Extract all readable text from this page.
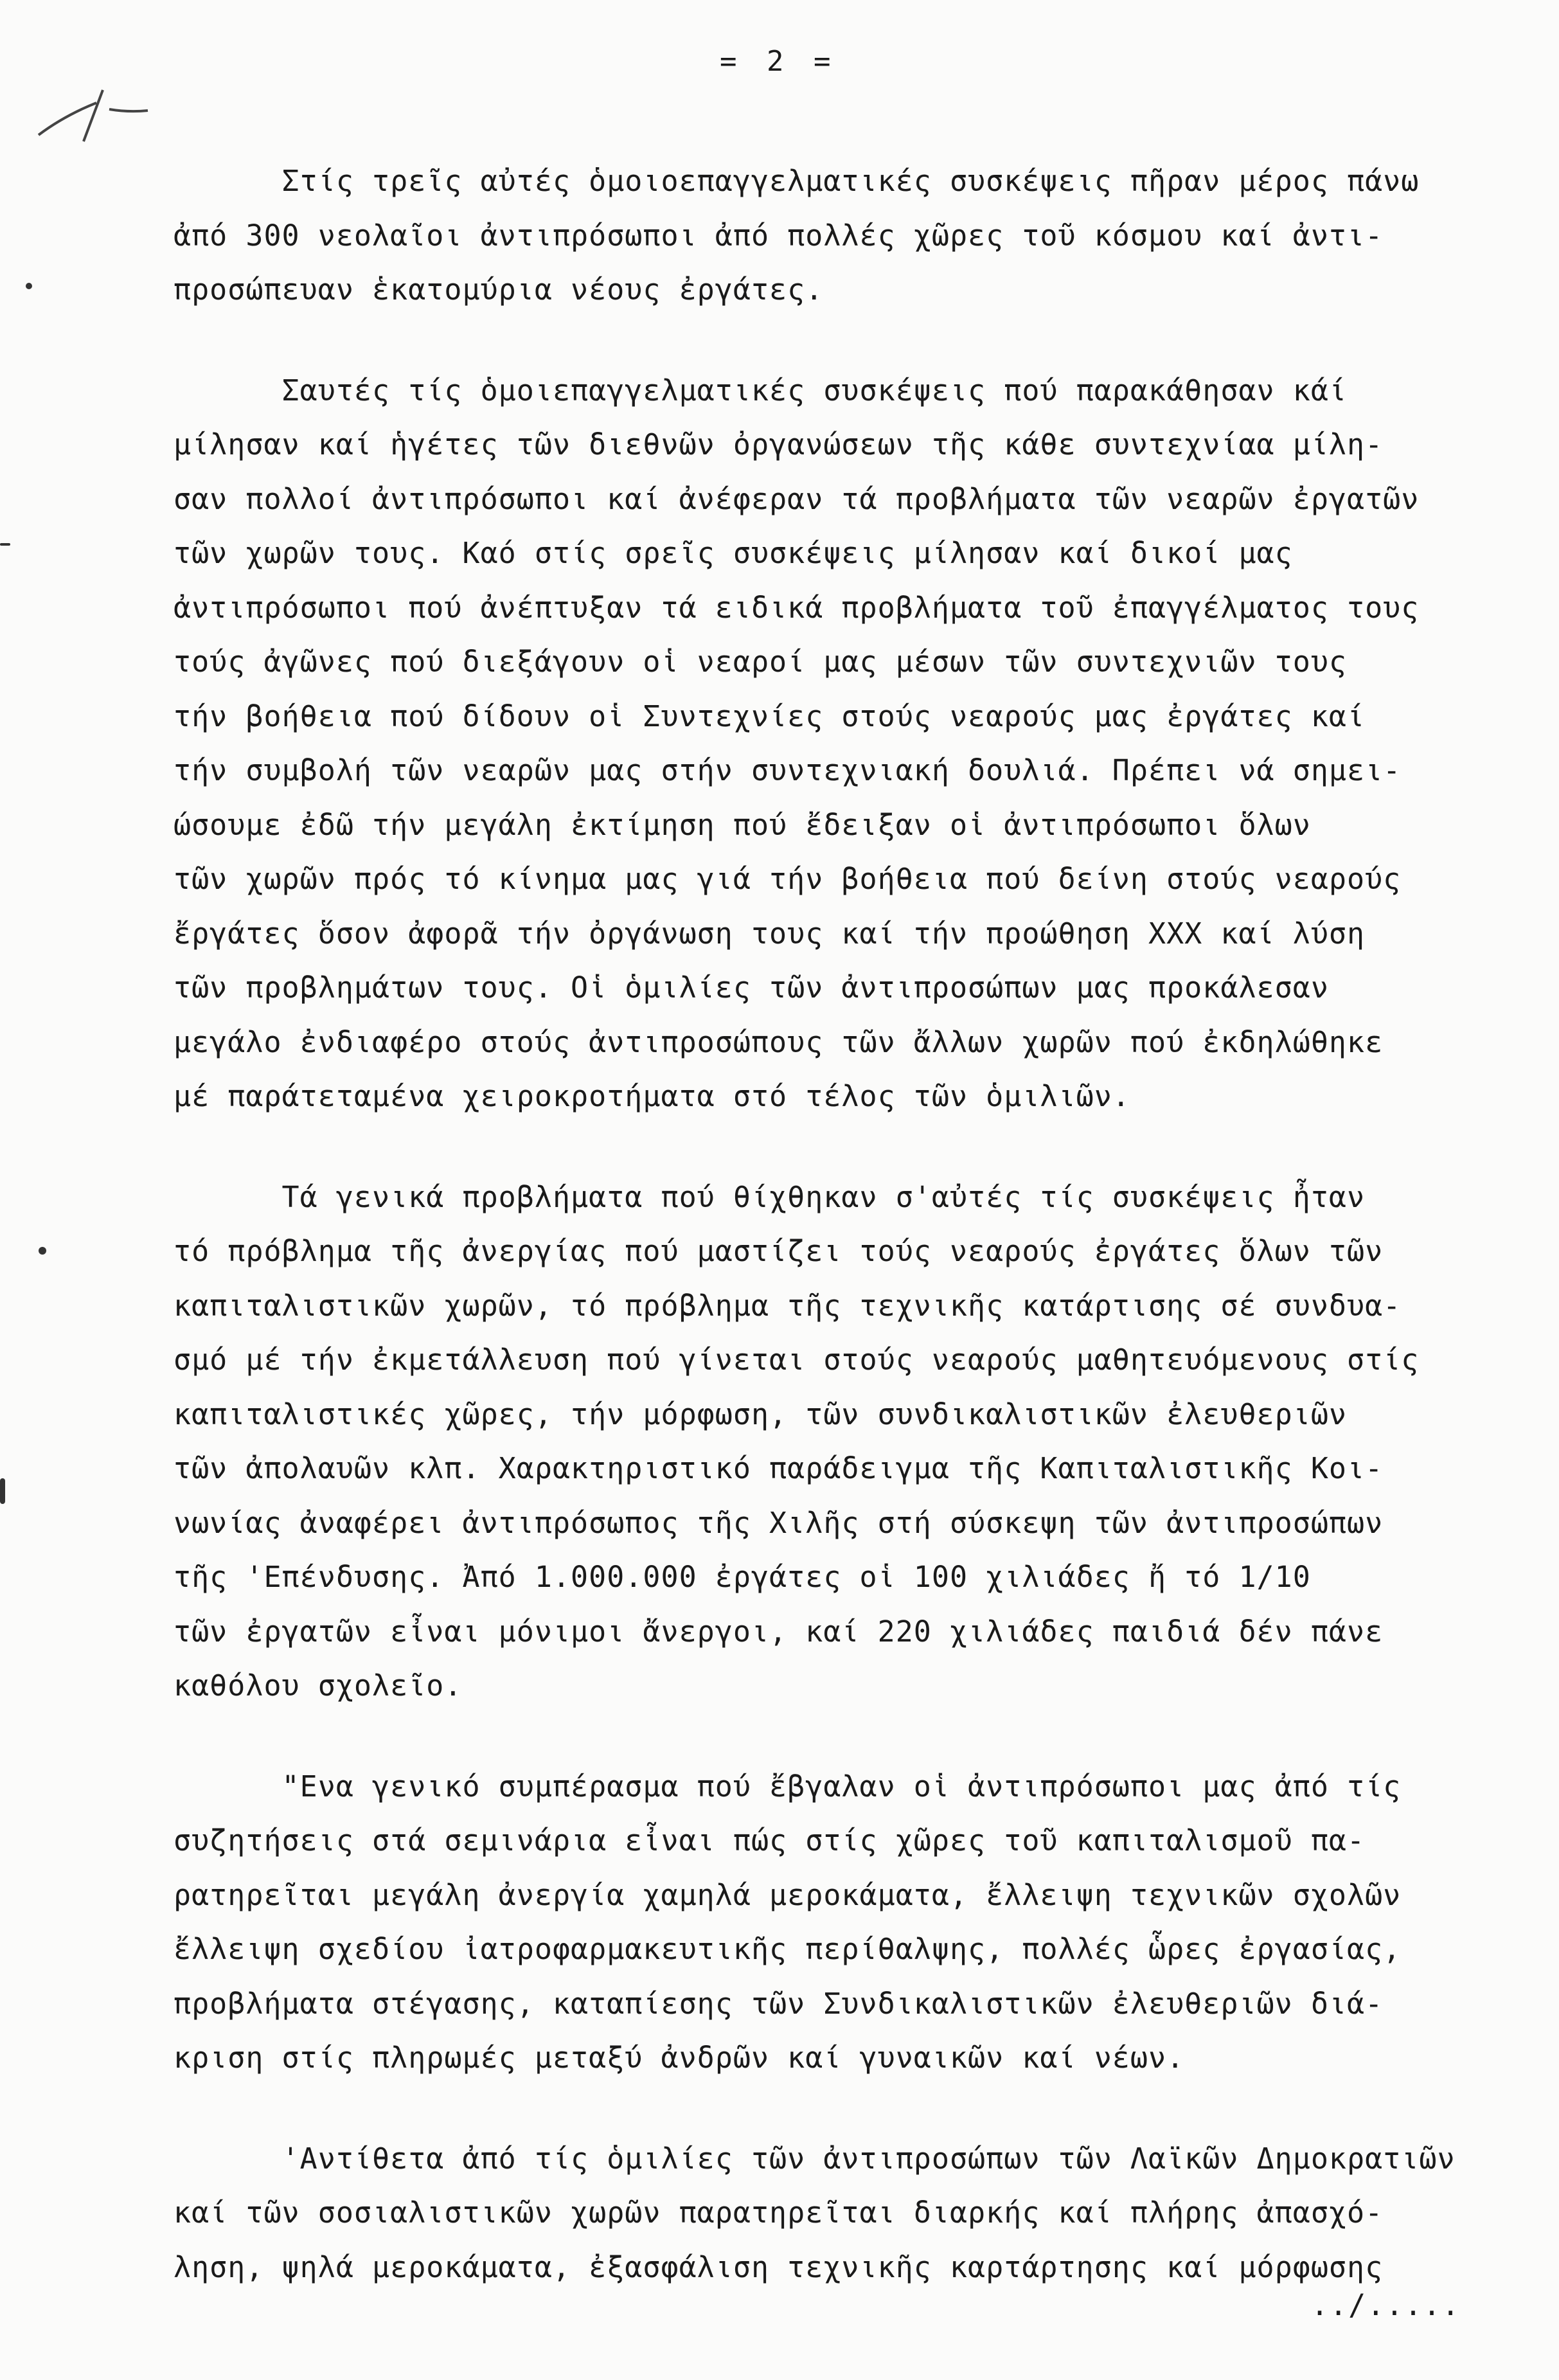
= 2 =
Στίς τρεῖς αὐτές ὁμοιοεπαγγελματικές συσκέψεις πῆραν μέρος πάνω
ἀπό 300 νεολαῖοι ἀντιπρόσωποι ἀπό πολλές χῶρες τοῦ κόσμου καί ἀντι-
προσώπευαν ἑκατομύρια νέους ἐργάτες.
Σαυτές τίς ὁμοιεπαγγελματικές συσκέψεις πού παρακάθησαν κάί
μίλησαν καί ἡγέτες τῶν διεθνῶν ὀργανώσεων τῆς κάθε συντεχνίαα μίλη-
σαν πολλοί ἀντιπρόσωποι καί ἀνέφεραν τά προβλήματα τῶν νεαρῶν ἐργατῶν
τῶν χωρῶν τους. Καό στίς σρεῖς συσκέψεις μίλησαν καί δικοί μας
ἀντιπρόσωποι πού ἀνέπτυξαν τά ειδικά προβλήματα τοῦ ἐπαγγέλματος τους
τούς ἀγῶνες πού διεξάγουν οἱ νεαροί μας μέσων τῶν συντεχνιῶν τους
τήν βοήθεια πού δίδουν οἱ Συντεχνίες στούς νεαρούς μας ἐργάτες καί
τήν συμβολή τῶν νεαρῶν μας στήν συντεχνιακή δουλιά. Πρέπει νά σημει-
ώσουμε ἐδῶ τήν μεγάλη ἐκτίμηση πού ἔδειξαν οἱ ἀντιπρόσωποι ὅλων
τῶν χωρῶν πρός τό κίνημα μας γιά τήν βοήθεια πού δείνη στούς νεαρούς
ἔργάτες ὅσον ἀφορᾶ τήν ὀργάνωση τους καί τήν προώθηση ΧΧΧ καί λύση
τῶν προβλημάτων τους. Οἱ ὁμιλίες τῶν ἀντιπροσώπων μας προκάλεσαν
μεγάλο ἐνδιαφέρο στούς ἀντιπροσώπους τῶν ἄλλων χωρῶν πού ἐκδηλώθηκε
μέ παράτεταμένα χειροκροτήματα στό τέλος τῶν ὁμιλιῶν.
Τά γενικά προβλήματα πού θίχθηκαν σ'αὐτές τίς συσκέψεις ἦταν
τό πρόβλημα τῆς ἀνεργίας πού μαστίζει τούς νεαρούς ἐργάτες ὅλων τῶν
καπιταλιστικῶν χωρῶν, τό πρόβλημα τῆς τεχνικῆς κατάρτισης σέ συνδυα-
σμό μέ τήν ἐκμετάλλευση πού γίνεται στούς νεαρούς μαθητευόμενους στίς
καπιταλιστικές χῶρες, τήν μόρφωση, τῶν συνδικαλιστικῶν ἐλευθεριῶν
τῶν ἀπολαυῶν κλπ. Χαρακτηριστικό παράδειγμα τῆς Καπιταλιστικῆς Κοι-
νωνίας ἀναφέρει ἀντιπρόσωπος τῆς Χιλῆς στή σύσκεψη τῶν ἀντιπροσώπων
τῆς 'Επένδυσης. Ἀπό 1.000.000 ἐργάτες οἱ 100 χιλιάδες ἤ τό 1/10
τῶν ἐργατῶν εἶναι μόνιμοι ἄνεργοι, καί 220 χιλιάδες παιδιά δέν πάνε
καθόλου σχολεῖο.
"Ενα γενικό συμπέρασμα πού ἔβγαλαν οἱ ἀντιπρόσωποι μας ἀπό τίς
συζητήσεις στά σεμινάρια εἶναι πώς στίς χῶρες τοῦ καπιταλισμοῦ πα-
ρατηρεῖται μεγάλη ἀνεργία χαμηλά μεροκάματα, ἔλλειψη τεχνικῶν σχολῶν
ἔλλειψη σχεδίου ἰατροφαρμακευτικῆς περίθαλψης, πολλές ὧρες ἐργασίας,
προβλήματα στέγασης, καταπίεσης τῶν Συνδικαλιστικῶν ἐλευθεριῶν διά-
κριση στίς πληρωμές μεταξύ ἀνδρῶν καί γυναικῶν καί νέων.
'Αντίθετα ἀπό τίς ὁμιλίες τῶν ἀντιπροσώπων τῶν Λαϊκῶν Δημοκρατιῶν
καί τῶν σοσιαλιστικῶν χωρῶν παρατηρεῖται διαρκής καί πλήρης ἀπασχό-
ληση, ψηλά μεροκάματα, ἐξασφάλιση τεχνικῆς καρτάρτησης καί μόρφωσης
../.....
